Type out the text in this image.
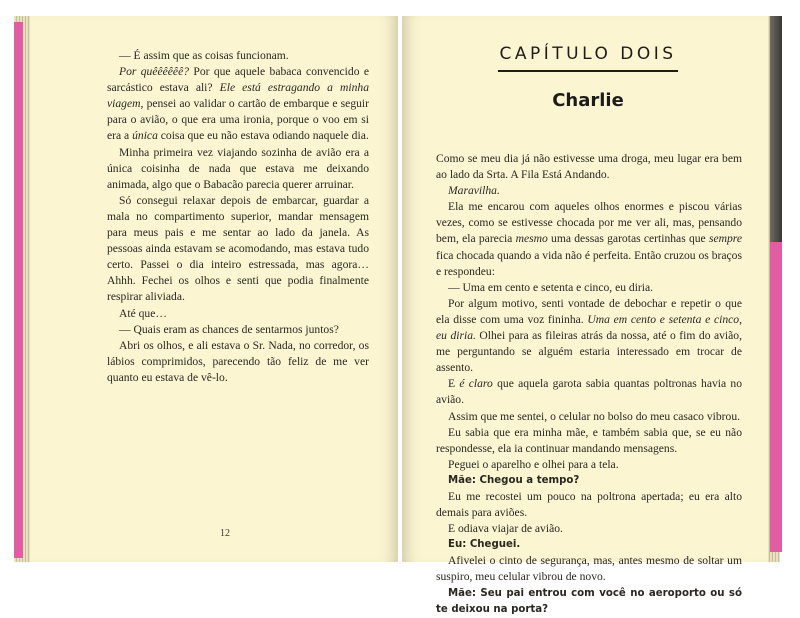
— É assim que as coisas funcionam.

Por quêêêêêê? Por que aquele babaca convencido e sarcástico estava ali? Ele está estragando a minha viagem, pensei ao validar o cartão de embarque e seguir para o avião, o que era uma ironia, porque o voo em si era a única coisa que eu não estava odiando naquele dia.

Minha primeira vez viajando sozinha de avião era a única coisinha de nada que estava me deixando animada, algo que o Babacão parecia querer arruinar.

Só consegui relaxar depois de embarcar, guardar a mala no compartimento superior, mandar mensagem para meus pais e me sentar ao lado da janela. As pessoas ainda estavam se acomodando, mas estava tudo certo. Passei o dia inteiro estressada, mas agora… Ahhh. Fechei os olhos e senti que podia finalmente respirar aliviada.

Até que…

— Quais eram as chances de sentarmos juntos?

Abri os olhos, e ali estava o Sr. Nada, no corredor, os lábios comprimidos, parecendo tão feliz de me ver quanto eu estava de vê-lo.

12
CAPÍTULO DOIS
Charlie

Como se meu dia já não estivesse uma droga, meu lugar era bem ao lado da Srta. A Fila Está Andando.

Maravilha.

Ela me encarou com aqueles olhos enormes e piscou várias vezes, como se estivesse chocada por me ver ali, mas, pensando bem, ela parecia mesmo uma dessas garotas certinhas que sempre fica chocada quando a vida não é perfeita. Então cruzou os braços e respondeu:

— Uma em cento e setenta e cinco, eu diria.

Por algum motivo, senti vontade de debochar e repetir o que ela disse com uma voz fininha. Uma em cento e setenta e cinco, eu diria. Olhei para as fileiras atrás da nossa, até o fim do avião, me perguntando se alguém estaria interessado em trocar de assento.

E é claro que aquela garota sabia quantas poltronas havia no avião.

Assim que me sentei, o celular no bolso do meu casaco vibrou.

Eu sabia que era minha mãe, e também sabia que, se eu não respondesse, ela ia continuar mandando mensagens.

Peguei o aparelho e olhei para a tela.

Mãe: Chegou a tempo?

Eu me recostei um pouco na poltrona apertada; eu era alto demais para aviões.

E odiava viajar de avião.

Eu: Cheguei.

Afivelei o cinto de segurança, mas, antes mesmo de soltar um suspiro, meu celular vibrou de novo.

Mãe: Seu pai entrou com você no aeroporto ou só te deixou na porta?
